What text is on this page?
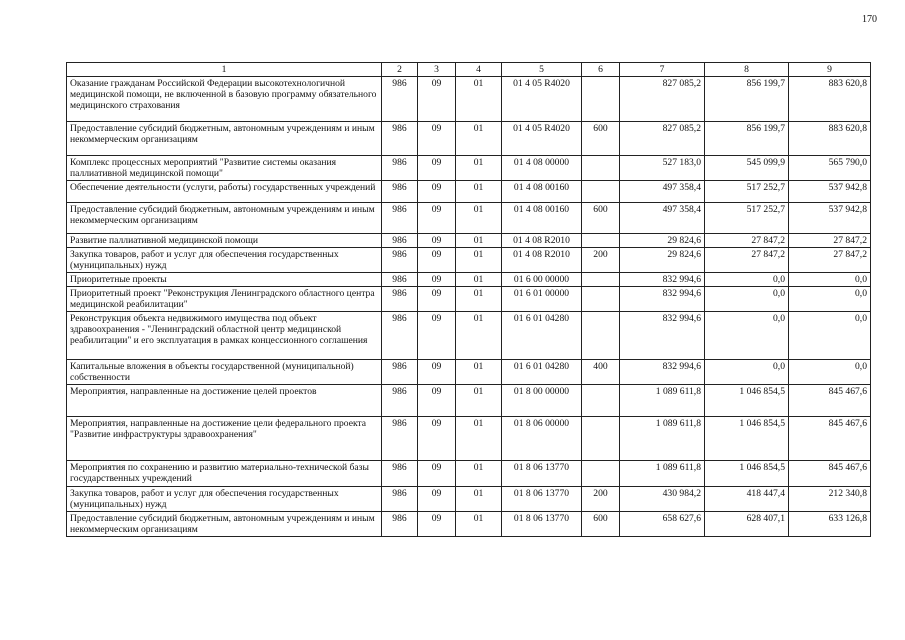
170
1	2	3	4	5	6	7	8	9
Оказание гражданам Российской Федерации высокотехнологичной медицинской помощи, не включенной в базовую программу обязательного медицинского страхования	986	09	01	01 4 05 R4020		827 085,2	856 199,7	883 620,8
Предоставление субсидий бюджетным, автономным учреждениям и иным некоммерческим организациям	986	09	01	01 4 05 R4020	600	827 085,2	856 199,7	883 620,8
Комплекс процессных мероприятий "Развитие системы оказания паллиативной медицинской помощи"	986	09	01	01 4 08 00000		527 183,0	545 099,9	565 790,0
Обеспечение деятельности (услуги, работы) государственных учреждений	986	09	01	01 4 08 00160		497 358,4	517 252,7	537 942,8
Предоставление субсидий бюджетным, автономным учреждениям и иным некоммерческим организациям	986	09	01	01 4 08 00160	600	497 358,4	517 252,7	537 942,8
Развитие паллиативной медицинской помощи	986	09	01	01 4 08 R2010		29 824,6	27 847,2	27 847,2
Закупка товаров, работ и услуг для обеспечения государственных (муниципальных) нужд	986	09	01	01 4 08 R2010	200	29 824,6	27 847,2	27 847,2
Приоритетные проекты	986	09	01	01 6 00 00000		832 994,6	0,0	0,0
Приоритетный проект "Реконструкция Ленинградского областного центра медицинской реабилитации"	986	09	01	01 6 01 00000		832 994,6	0,0	0,0
Реконструкция объекта недвижимого имущества под объект здравоохранения - "Ленинградский областной центр медицинской реабилитации" и его эксплуатация в рамках концессионного соглашения	986	09	01	01 6 01 04280		832 994,6	0,0	0,0
Капитальные вложения в объекты государственной (муниципальной) собственности	986	09	01	01 6 01 04280	400	832 994,6	0,0	0,0
Мероприятия, направленные на достижение целей проектов	986	09	01	01 8 00 00000		1 089 611,8	1 046 854,5	845 467,6
Мероприятия, направленные на достижение цели федерального проекта "Развитие инфраструктуры здравоохранения"	986	09	01	01 8 06 00000		1 089 611,8	1 046 854,5	845 467,6
Мероприятия по сохранению и развитию материально-технической базы государственных учреждений	986	09	01	01 8 06 13770		1 089 611,8	1 046 854,5	845 467,6
Закупка товаров, работ и услуг для обеспечения государственных (муниципальных) нужд	986	09	01	01 8 06 13770	200	430 984,2	418 447,4	212 340,8
Предоставление субсидий бюджетным, автономным учреждениям и иным некоммерческим организациям	986	09	01	01 8 06 13770	600	658 627,6	628 407,1	633 126,8
